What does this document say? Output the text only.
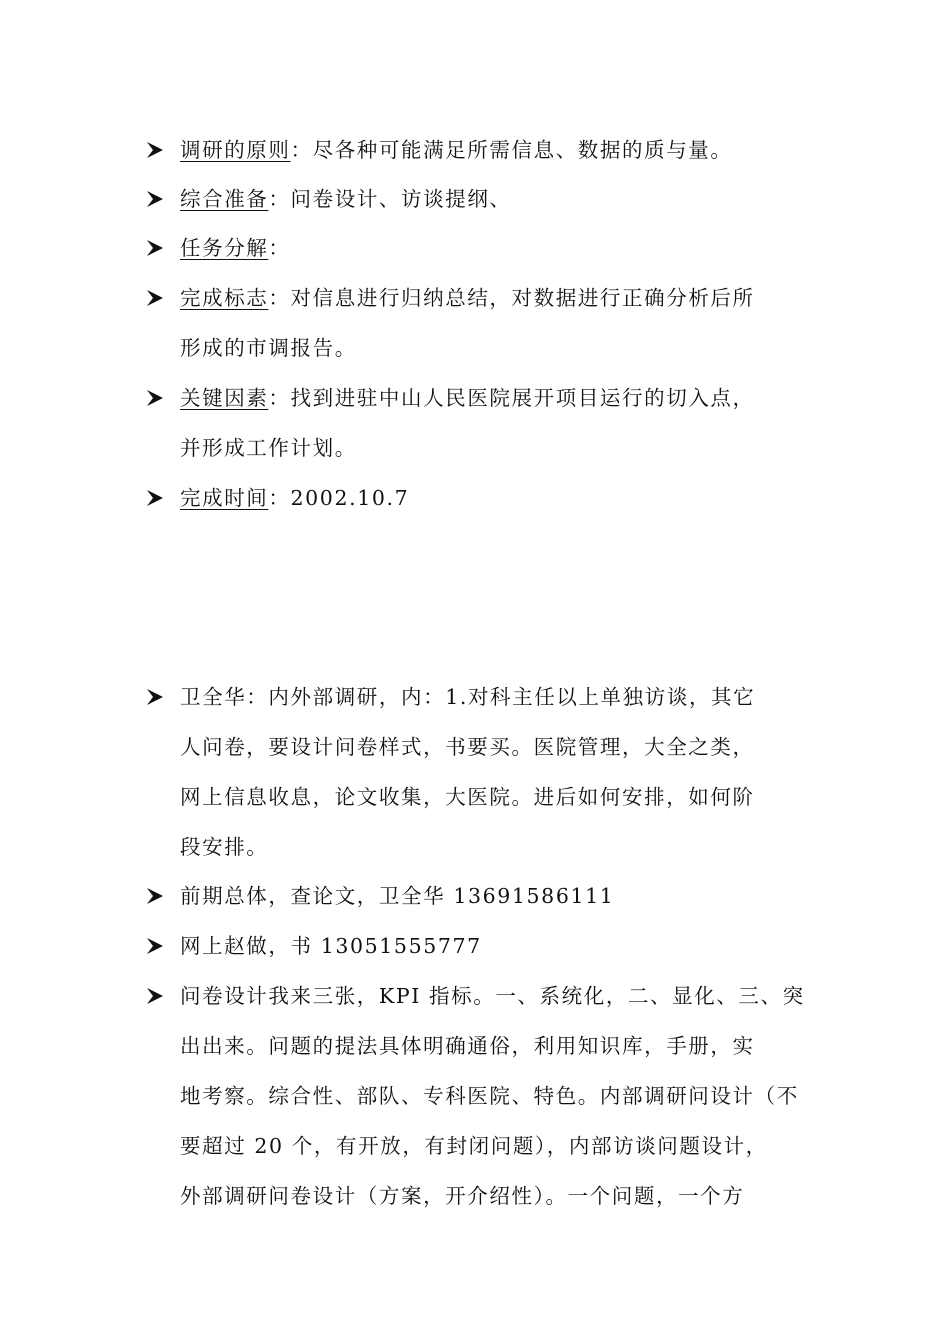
调研的原则：尽各种可能满足所需信息、数据的质与量。
综合准备：问卷设计、访谈提纲、
任务分解：
完成标志：对信息进行归纳总结，对数据进行正确分析后所
形成的市调报告。
关键因素：找到进驻中山人民医院展开项目运行的切入点，
并形成工作计划。
完成时间：2002.10.7
卫全华：内外部调研，内：1.对科主任以上单独访谈，其它
人问卷，要设计问卷样式，书要买。医院管理，大全之类，
网上信息收息，论文收集，大医院。进后如何安排，如何阶
段安排。
前期总体，查论文，卫全华 13691586111
网上赵做，书 13051555777
问卷设计我来三张，KPI 指标。一、系统化，二、显化、三、突
出出来。问题的提法具体明确通俗，利用知识库，手册，实
地考察。综合性、部队、专科医院、特色。内部调研问设计（不
要超过 20 个，有开放，有封闭问题），内部访谈问题设计，
外部调研问卷设计（方案，开介绍性）。一个问题，一个方
